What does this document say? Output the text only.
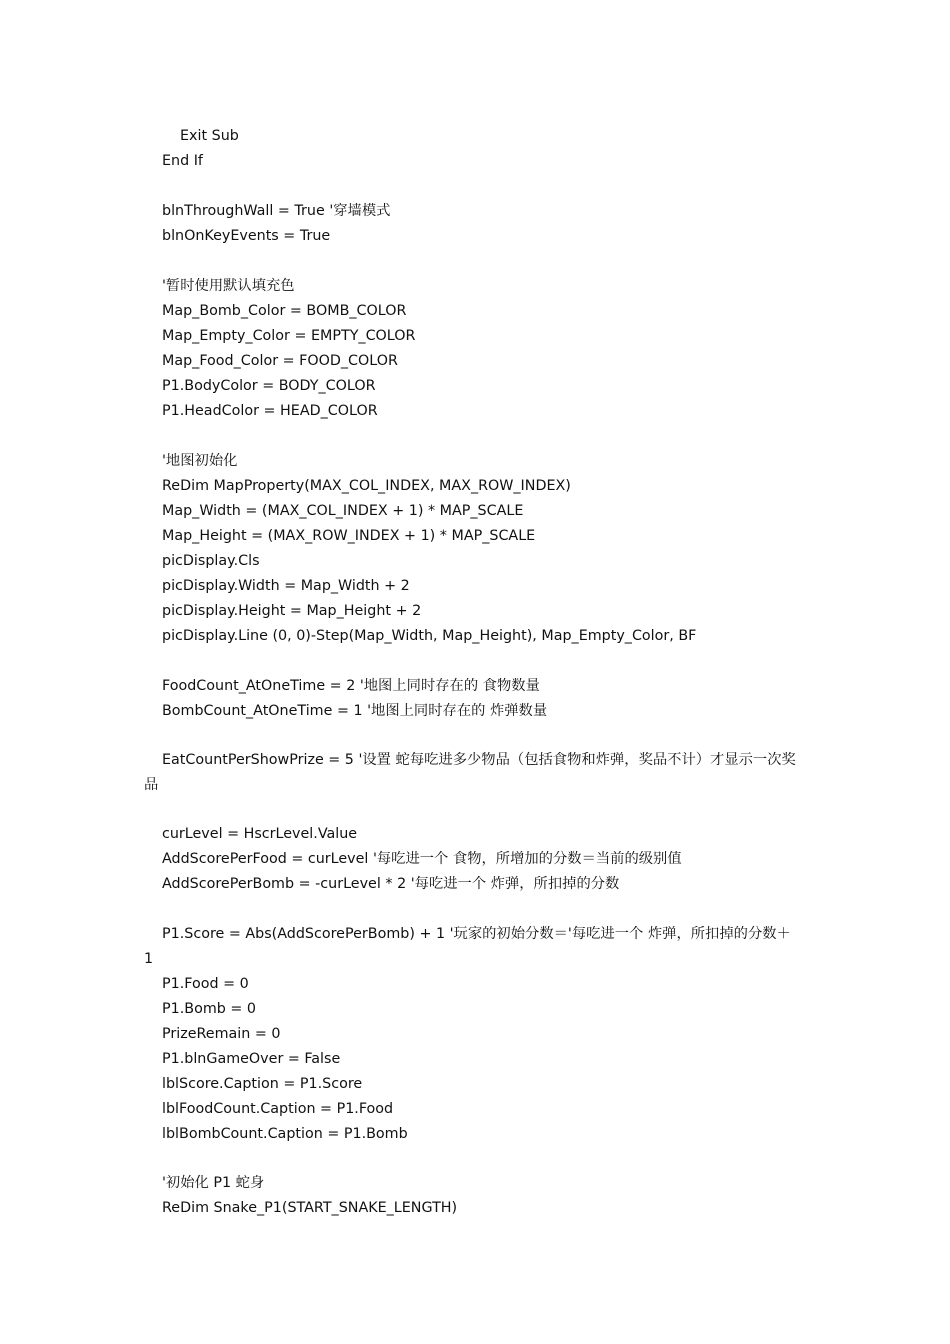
Exit Sub
End If
blnThroughWall = True '穿墙模式
blnOnKeyEvents = True
'暂时使用默认填充色
Map_Bomb_Color = BOMB_COLOR
Map_Empty_Color = EMPTY_COLOR
Map_Food_Color = FOOD_COLOR
P1.BodyColor = BODY_COLOR
P1.HeadColor = HEAD_COLOR
'地图初始化
ReDim MapProperty(MAX_COL_INDEX, MAX_ROW_INDEX)
Map_Width = (MAX_COL_INDEX + 1) * MAP_SCALE
Map_Height = (MAX_ROW_INDEX + 1) * MAP_SCALE
picDisplay.Cls
picDisplay.Width = Map_Width + 2
picDisplay.Height = Map_Height + 2
picDisplay.Line (0, 0)-Step(Map_Width, Map_Height), Map_Empty_Color, BF
FoodCount_AtOneTime = 2 '地图上同时存在的 食物数量
BombCount_AtOneTime = 1 '地图上同时存在的 炸弹数量
EatCountPerShowPrize = 5 '设置 蛇每吃进多少物品（包括食物和炸弹，奖品不计）才显示一次奖
品
curLevel = HscrLevel.Value
AddScorePerFood = curLevel '每吃进一个 食物，所增加的分数＝当前的级别值
AddScorePerBomb = -curLevel * 2 '每吃进一个 炸弹，所扣掉的分数
P1.Score = Abs(AddScorePerBomb) + 1 '玩家的初始分数＝'每吃进一个 炸弹，所扣掉的分数＋
1
P1.Food = 0
P1.Bomb = 0
PrizeRemain = 0
P1.blnGameOver = False
lblScore.Caption = P1.Score
lblFoodCount.Caption = P1.Food
lblBombCount.Caption = P1.Bomb
'初始化 P1 蛇身
ReDim Snake_P1(START_SNAKE_LENGTH)
